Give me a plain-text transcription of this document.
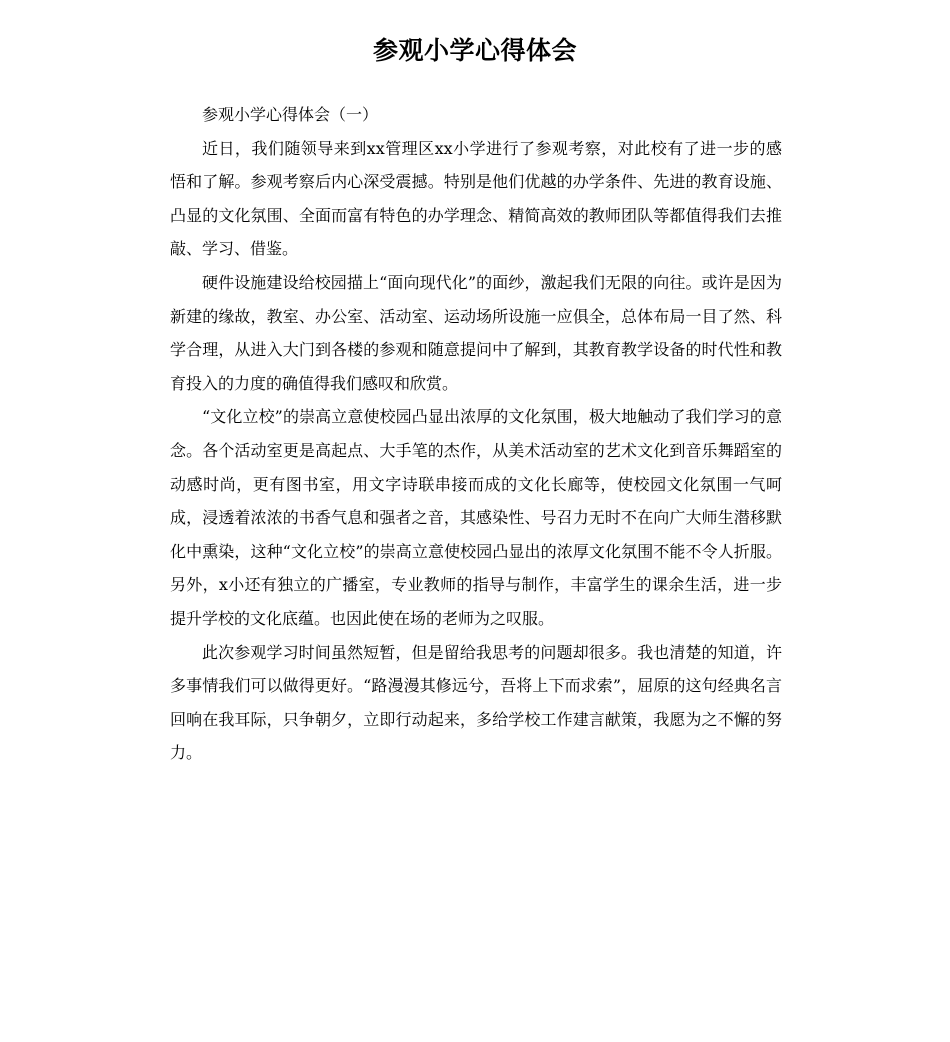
参观小学心得体会

参观小学心得体会（一）

近日，我们随领导来到xx管理区xx小学进行了参观考察，对此校有了进一步的感悟和了解。参观考察后内心深受震撼。特别是他们优越的办学条件、先进的教育设施、凸显的文化氛围、全面而富有特色的办学理念、精简高效的教师团队等都值得我们去推敲、学习、借鉴。

硬件设施建设给校园描上“面向现代化”的面纱，激起我们无限的向往。或许是因为新建的缘故，教室、办公室、活动室、运动场所设施一应俱全，总体布局一目了然、科学合理，从进入大门到各楼的参观和随意提问中了解到，其教育教学设备的时代性和教育投入的力度的确值得我们感叹和欣赏。

“文化立校”的崇高立意使校园凸显出浓厚的文化氛围，极大地触动了我们学习的意念。各个活动室更是高起点、大手笔的杰作，从美术活动室的艺术文化到音乐舞蹈室的动感时尚，更有图书室，用文字诗联串接而成的文化长廊等，使校园文化氛围一气呵成，浸透着浓浓的书香气息和强者之音，其感染性、号召力无时不在向广大师生潜移默化中熏染，这种“文化立校”的崇高立意使校园凸显出的浓厚文化氛围不能不令人折服。另外，x小还有独立的广播室，专业教师的指导与制作，丰富学生的课余生活，进一步提升学校的文化底蕴。也因此使在场的老师为之叹服。

此次参观学习时间虽然短暂，但是留给我思考的问题却很多。我也清楚的知道，许多事情我们可以做得更好。“路漫漫其修远兮，吾将上下而求索”，屈原的这句经典名言回响在我耳际，只争朝夕，立即行动起来，多给学校工作建言献策，我愿为之不懈的努力。
